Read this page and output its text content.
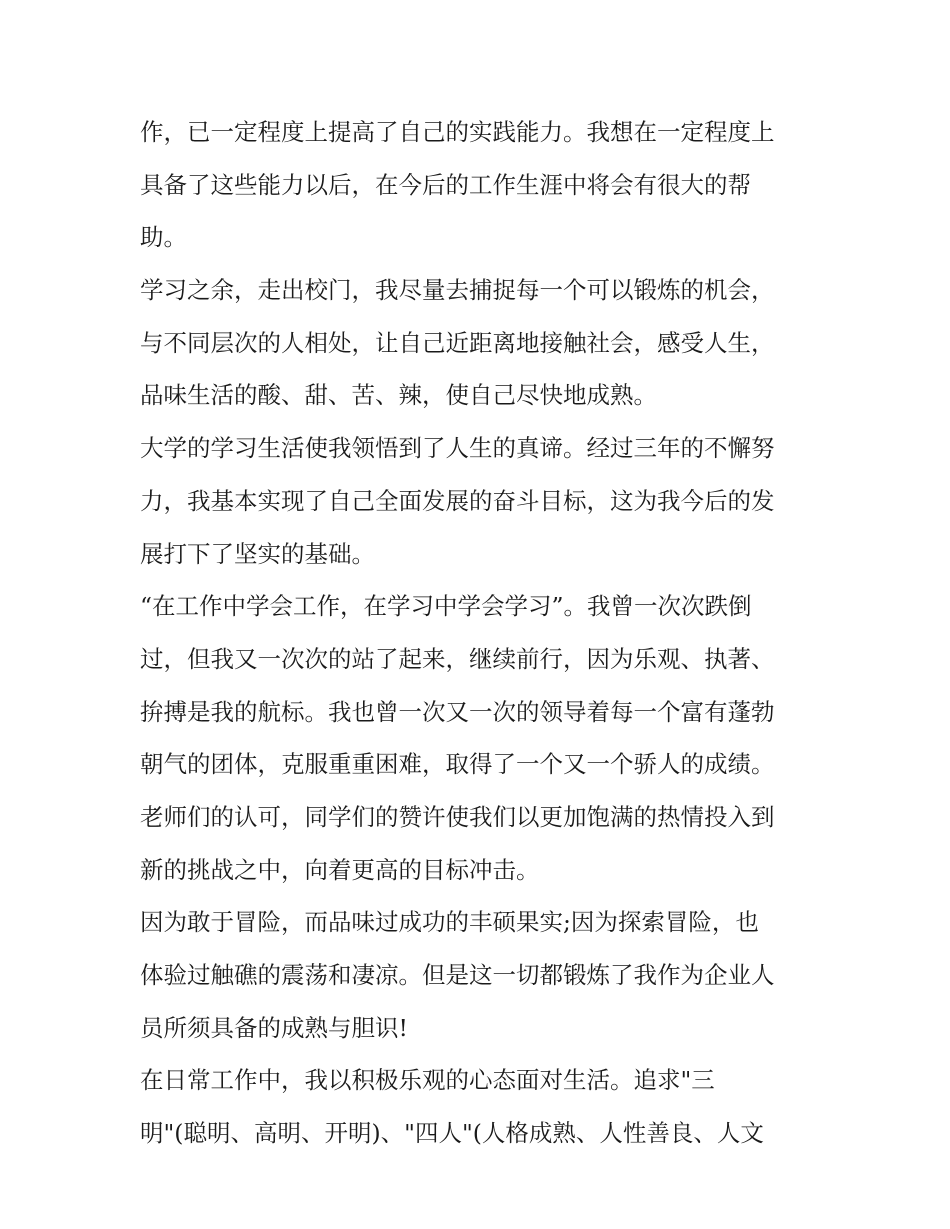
作，已一定程度上提高了自己的实践能力。我想在一定程度上
具备了这些能力以后，在今后的工作生涯中将会有很大的帮
助。
学习之余，走出校门，我尽量去捕捉每一个可以锻炼的机会，
与不同层次的人相处，让自己近距离地接触社会，感受人生，
品味生活的酸、甜、苦、辣，使自己尽快地成熟。
大学的学习生活使我领悟到了人生的真谛。经过三年的不懈努
力，我基本实现了自己全面发展的奋斗目标，这为我今后的发
展打下了坚实的基础。
“在工作中学会工作，在学习中学会学习”。我曾一次次跌倒
过，但我又一次次的站了起来，继续前行，因为乐观、执著、
拚搏是我的航标。我也曾一次又一次的领导着每一个富有蓬勃
朝气的团体，克服重重困难，取得了一个又一个骄人的成绩。
老师们的认可，同学们的赞许使我们以更加饱满的热情投入到
新的挑战之中，向着更高的目标冲击。
因为敢于冒险，而品味过成功的丰硕果实;因为探索冒险，也
体验过触礁的震荡和凄凉。但是这一切都锻炼了我作为企业人
员所须具备的成熟与胆识!
在日常工作中，我以积极乐观的心态面对生活。追求"三
明"(聪明、高明、开明)、"四人"(人格成熟、人性善良、人文
